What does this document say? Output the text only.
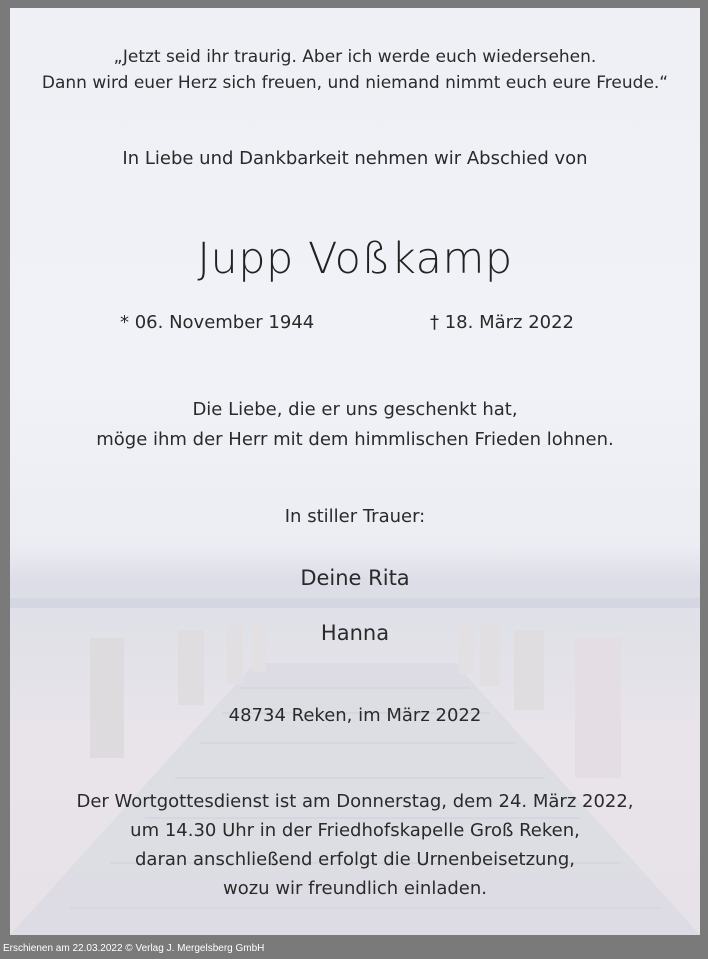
„Jetzt seid ihr traurig. Aber ich werde euch wiedersehen.
Dann wird euer Herz sich freuen, und niemand nimmt euch eure Freude.“
In Liebe und Dankbarkeit nehmen wir Abschied von
Jupp Voßkamp
* 06. November 1944	† 18. März 2022
Die Liebe, die er uns geschenkt hat,
möge ihm der Herr mit dem himmlischen Frieden lohnen.
In stiller Trauer:
Deine Rita
Hanna
48734 Reken, im März 2022
Der Wortgottesdienst ist am Donnerstag, dem 24. März 2022,
um 14.30 Uhr in der Friedhofskapelle Groß Reken,
daran anschließend erfolgt die Urnenbeisetzung,
wozu wir freundlich einladen.
Erschienen am 22.03.2022 © Verlag J. Mergelsberg GmbH
